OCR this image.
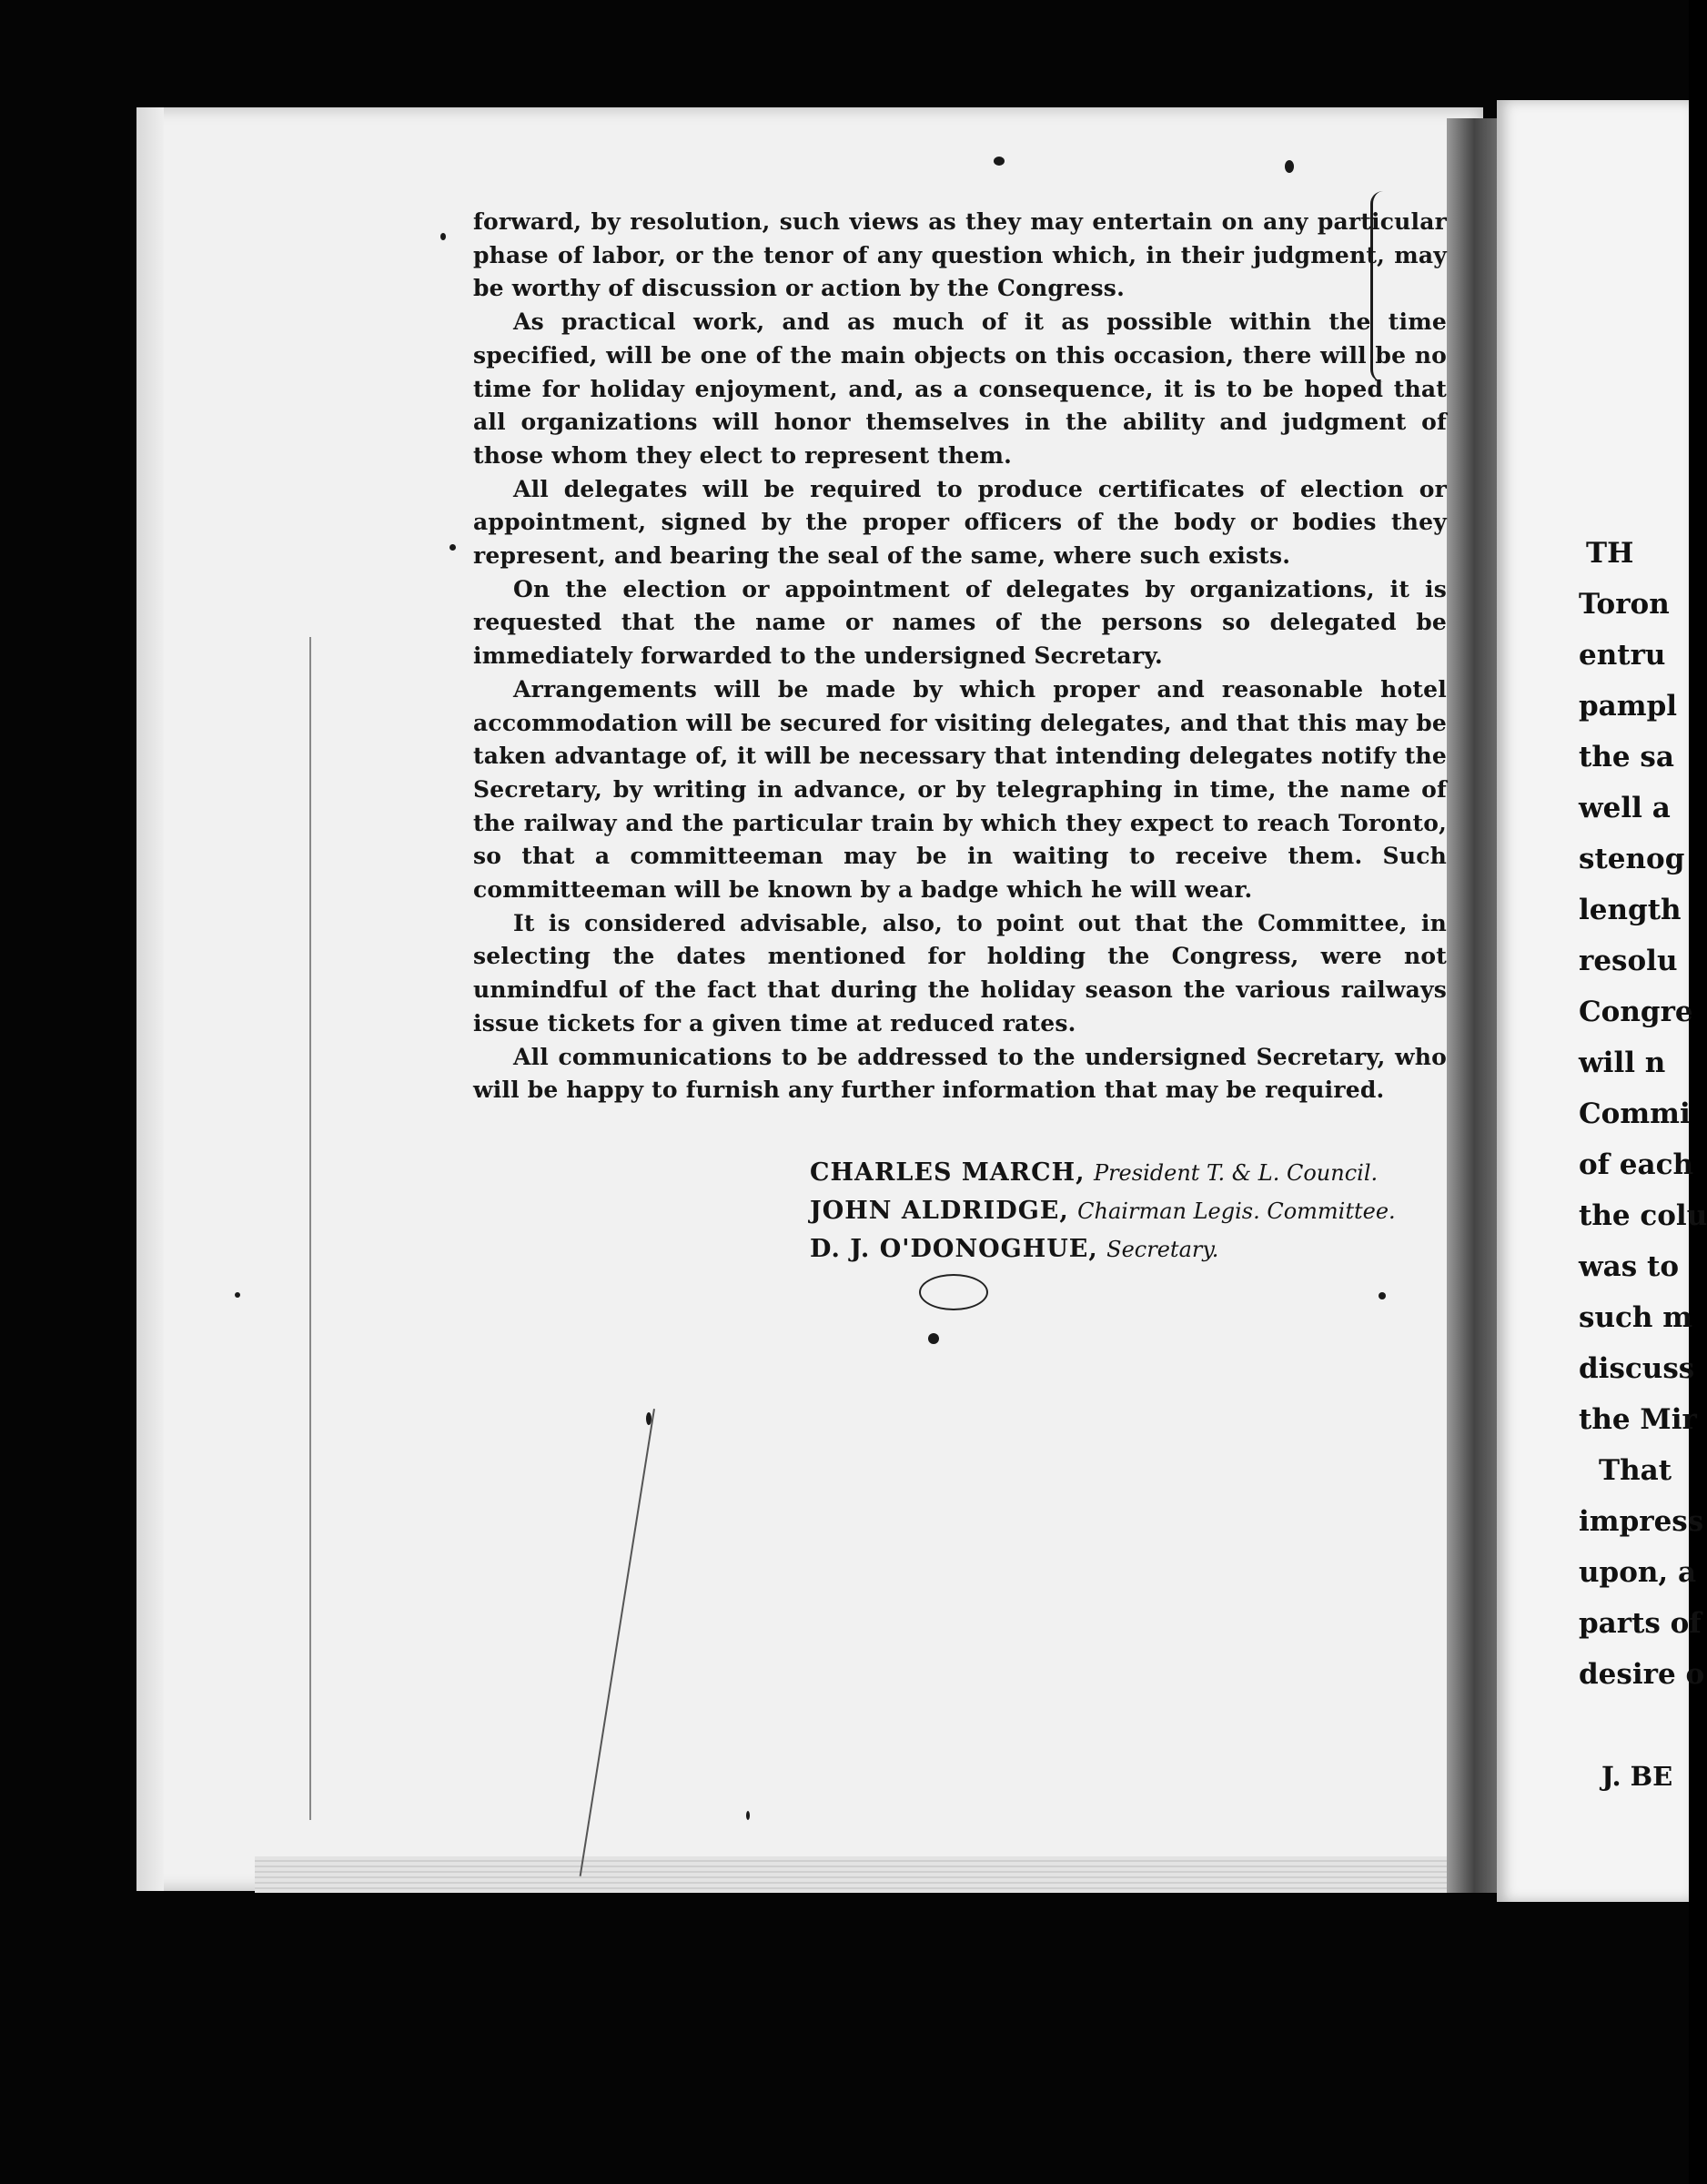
forward, by resolution, such views as they may entertain on any particular phase of labor, or the tenor of any question which, in their judgment, may be worthy of discussion or action by the Congress.

As practical work, and as much of it as possible within the time specified, will be one of the main objects on this occasion, there will be no time for holiday enjoyment, and, as a consequence, it is to be hoped that all organizations will honor themselves in the ability and judgment of those whom they elect to represent them.

All delegates will be required to produce certificates of election or appointment, signed by the proper officers of the body or bodies they represent, and bearing the seal of the same, where such exists.

On the election or appointment of delegates by organizations, it is requested that the name or names of the persons so delegated be immediately forwarded to the undersigned Secretary.

Arrangements will be made by which proper and reasonable hotel accommodation will be secured for visiting delegates, and that this may be taken advantage of, it will be necessary that intending delegates notify the Secretary, by writing in advance, or by telegraphing in time, the name of the railway and the particular train by which they expect to reach Toronto, so that a committeeman may be in waiting to receive them. Such committeeman will be known by a badge which he will wear.

It is considered advisable, also, to point out that the Committee, in selecting the dates mentioned for holding the Congress, were not unmindful of the fact that during the holiday season the various railways issue tickets for a given time at reduced rates.

All communications to be addressed to the undersigned Secretary, who will be happy to furnish any further information that may be required.

CHARLES MARCH, President T. & L. Council.
JOHN ALDRIDGE, Chairman Legis. Committee.
D. J. O'DONOGHUE, Secretary.
TH
Toron
entru
pampl
the sa
well a
stenog
length
resolu
Congre
will n
Commi
of each
the colu
was to
such m
discuss
the Mir
That
impress
upon, a
parts of
desire o
J. BE
